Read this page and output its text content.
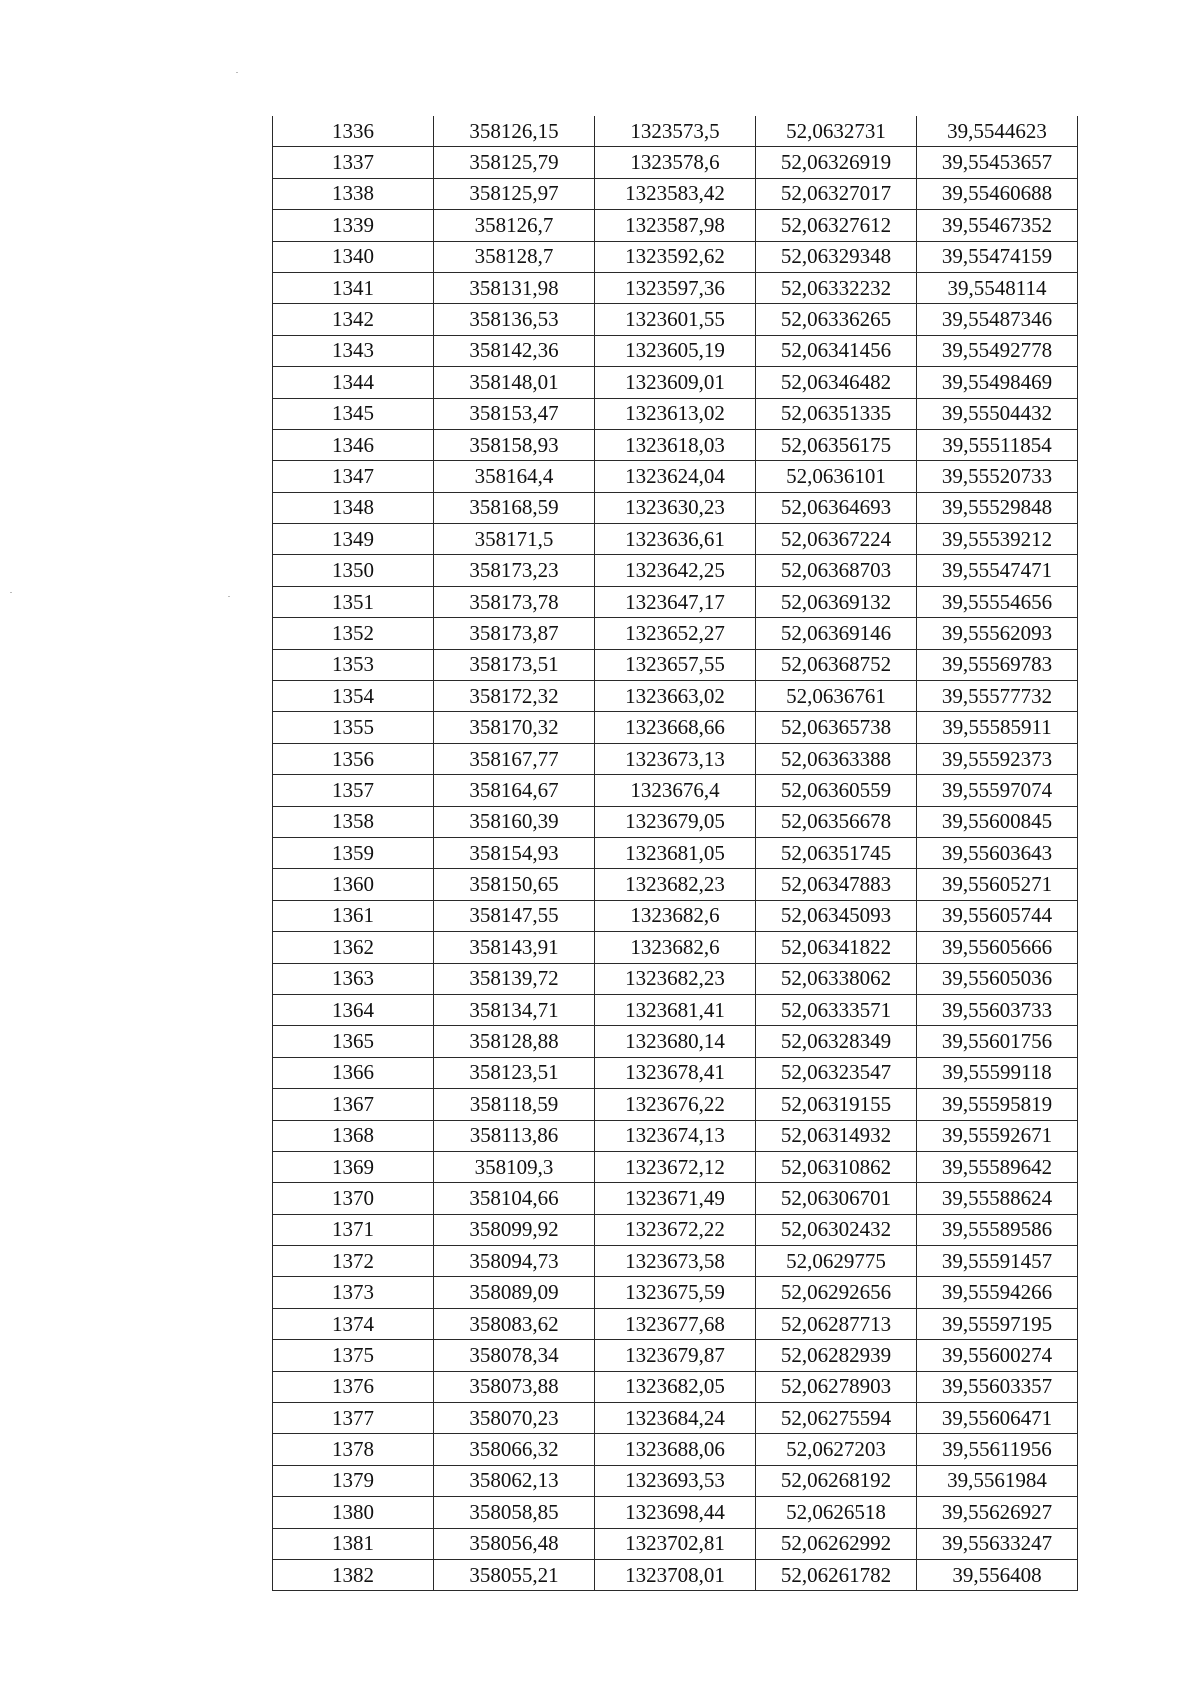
1336	358126,15	1323573,5	52,0632731	39,5544623
1337	358125,79	1323578,6	52,06326919	39,55453657
1338	358125,97	1323583,42	52,06327017	39,55460688
1339	358126,7	1323587,98	52,06327612	39,55467352
1340	358128,7	1323592,62	52,06329348	39,55474159
1341	358131,98	1323597,36	52,06332232	39,5548114
1342	358136,53	1323601,55	52,06336265	39,55487346
1343	358142,36	1323605,19	52,06341456	39,55492778
1344	358148,01	1323609,01	52,06346482	39,55498469
1345	358153,47	1323613,02	52,06351335	39,55504432
1346	358158,93	1323618,03	52,06356175	39,55511854
1347	358164,4	1323624,04	52,0636101	39,55520733
1348	358168,59	1323630,23	52,06364693	39,55529848
1349	358171,5	1323636,61	52,06367224	39,55539212
1350	358173,23	1323642,25	52,06368703	39,55547471
1351	358173,78	1323647,17	52,06369132	39,55554656
1352	358173,87	1323652,27	52,06369146	39,55562093
1353	358173,51	1323657,55	52,06368752	39,55569783
1354	358172,32	1323663,02	52,0636761	39,55577732
1355	358170,32	1323668,66	52,06365738	39,55585911
1356	358167,77	1323673,13	52,06363388	39,55592373
1357	358164,67	1323676,4	52,06360559	39,55597074
1358	358160,39	1323679,05	52,06356678	39,55600845
1359	358154,93	1323681,05	52,06351745	39,55603643
1360	358150,65	1323682,23	52,06347883	39,55605271
1361	358147,55	1323682,6	52,06345093	39,55605744
1362	358143,91	1323682,6	52,06341822	39,55605666
1363	358139,72	1323682,23	52,06338062	39,55605036
1364	358134,71	1323681,41	52,06333571	39,55603733
1365	358128,88	1323680,14	52,06328349	39,55601756
1366	358123,51	1323678,41	52,06323547	39,55599118
1367	358118,59	1323676,22	52,06319155	39,55595819
1368	358113,86	1323674,13	52,06314932	39,55592671
1369	358109,3	1323672,12	52,06310862	39,55589642
1370	358104,66	1323671,49	52,06306701	39,55588624
1371	358099,92	1323672,22	52,06302432	39,55589586
1372	358094,73	1323673,58	52,0629775	39,55591457
1373	358089,09	1323675,59	52,06292656	39,55594266
1374	358083,62	1323677,68	52,06287713	39,55597195
1375	358078,34	1323679,87	52,06282939	39,55600274
1376	358073,88	1323682,05	52,06278903	39,55603357
1377	358070,23	1323684,24	52,06275594	39,55606471
1378	358066,32	1323688,06	52,0627203	39,55611956
1379	358062,13	1323693,53	52,06268192	39,5561984
1380	358058,85	1323698,44	52,0626518	39,55626927
1381	358056,48	1323702,81	52,06262992	39,55633247
1382	358055,21	1323708,01	52,06261782	39,556408
